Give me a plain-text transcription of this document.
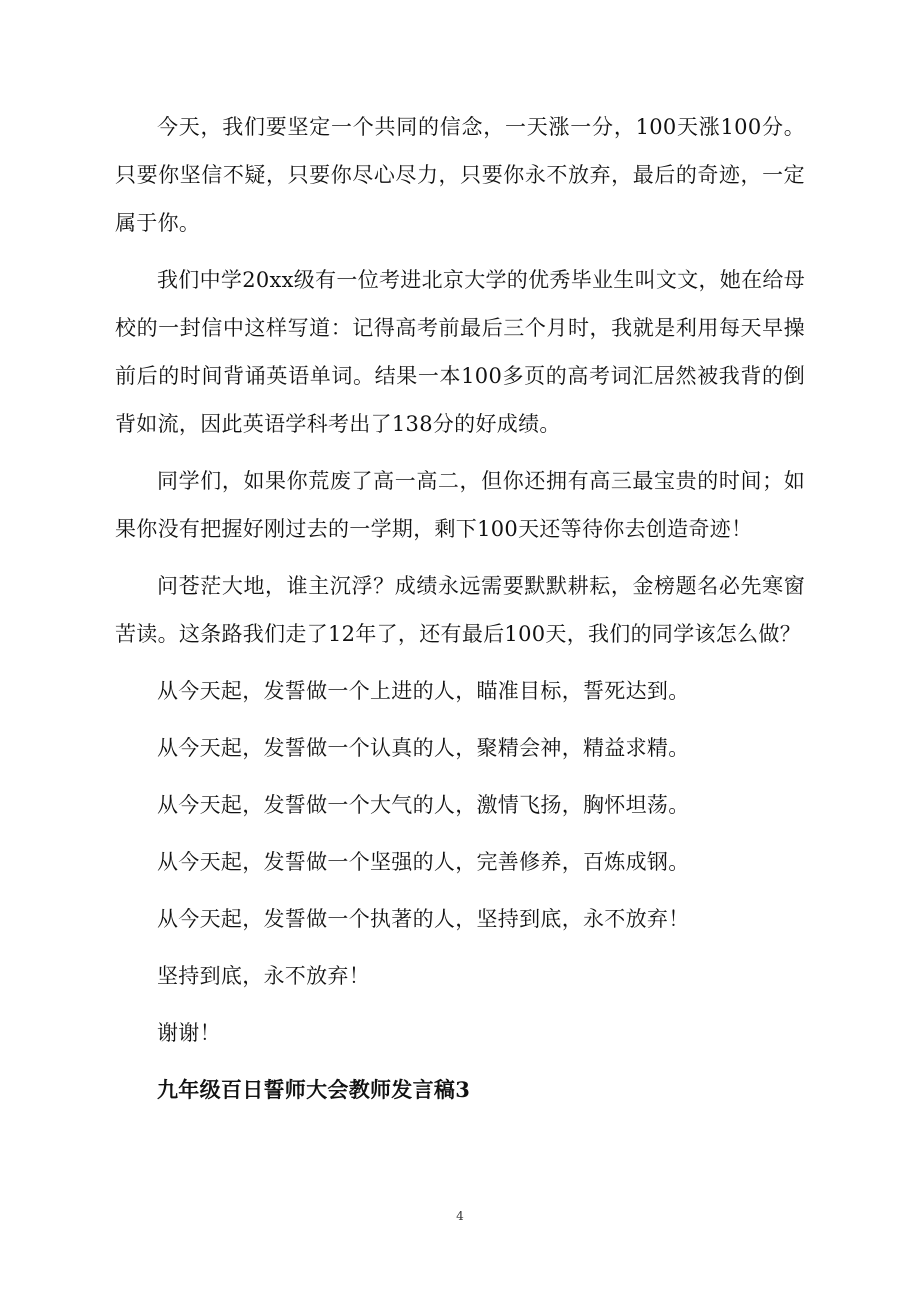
今天，我们要坚定一个共同的信念，一天涨一分，100天涨100分。只要你坚信不疑，只要你尽心尽力，只要你永不放弃，最后的奇迹，一定属于你。

我们中学20xx级有一位考进北京大学的优秀毕业生叫文文，她在给母校的一封信中这样写道：记得高考前最后三个月时，我就是利用每天早操前后的时间背诵英语单词。结果一本100多页的高考词汇居然被我背的倒背如流，因此英语学科考出了138分的好成绩。

同学们，如果你荒废了高一高二，但你还拥有高三最宝贵的时间；如果你没有把握好刚过去的一学期，剩下100天还等待你去创造奇迹！

问苍茫大地，谁主沉浮？成绩永远需要默默耕耘，金榜题名必先寒窗苦读。这条路我们走了12年了，还有最后100天，我们的同学该怎么做？

从今天起，发誓做一个上进的人，瞄准目标，誓死达到。

从今天起，发誓做一个认真的人，聚精会神，精益求精。

从今天起，发誓做一个大气的人，激情飞扬，胸怀坦荡。

从今天起，发誓做一个坚强的人，完善修养，百炼成钢。

从今天起，发誓做一个执著的人，坚持到底，永不放弃！

坚持到底，永不放弃！

谢谢！

九年级百日誓师大会教师发言稿3

4
